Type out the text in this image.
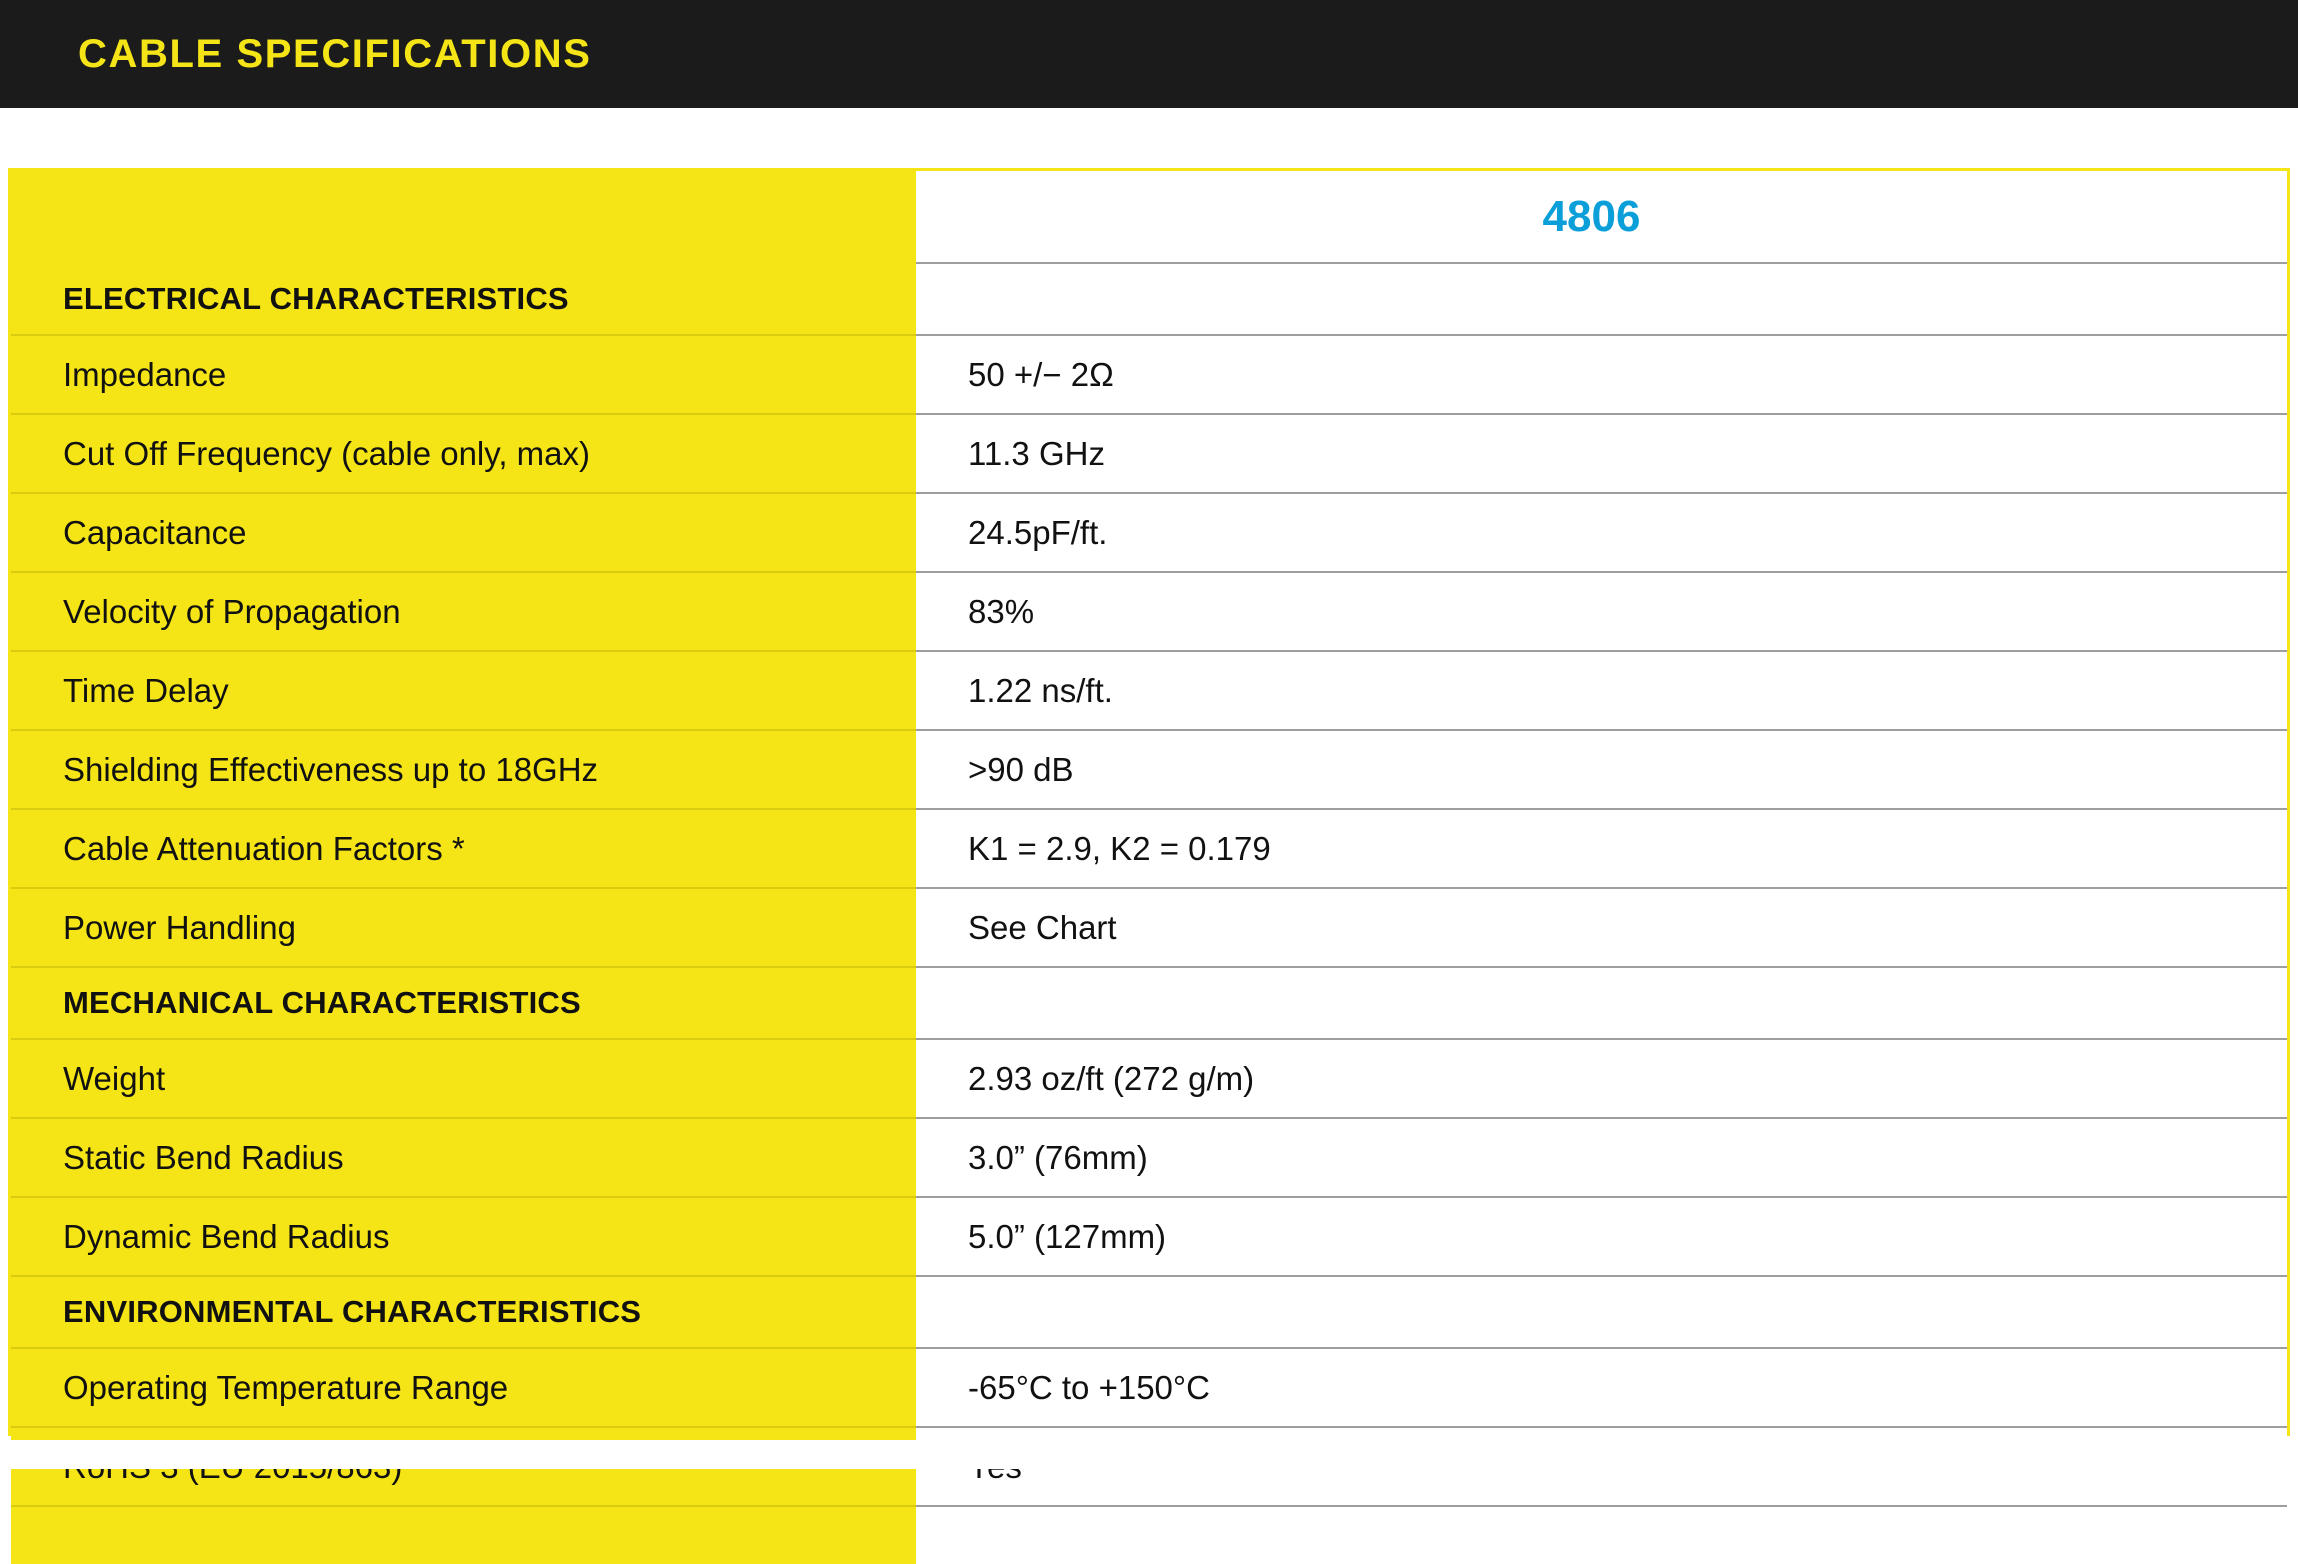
CABLE SPECIFICATIONS
	4806
ELECTRICAL CHARACTERISTICS	
Impedance	50 +/− 2Ω
Cut Off Frequency (cable only, max)	11.3 GHz
Capacitance	24.5pF/ft.
Velocity of Propagation	83%
Time Delay	1.22 ns/ft.
Shielding Effectiveness up to 18GHz	>90 dB
Cable Attenuation Factors *	K1 = 2.9, K2 = 0.179
Power Handling	See Chart
MECHANICAL CHARACTERISTICS	
Weight	2.93 oz/ft (272 g/m)
Static Bend Radius	3.0” (76mm)
Dynamic Bend Radius	5.0” (127mm)
ENVIRONMENTAL CHARACTERISTICS	
Operating Temperature Range	-65°C to +150°C
